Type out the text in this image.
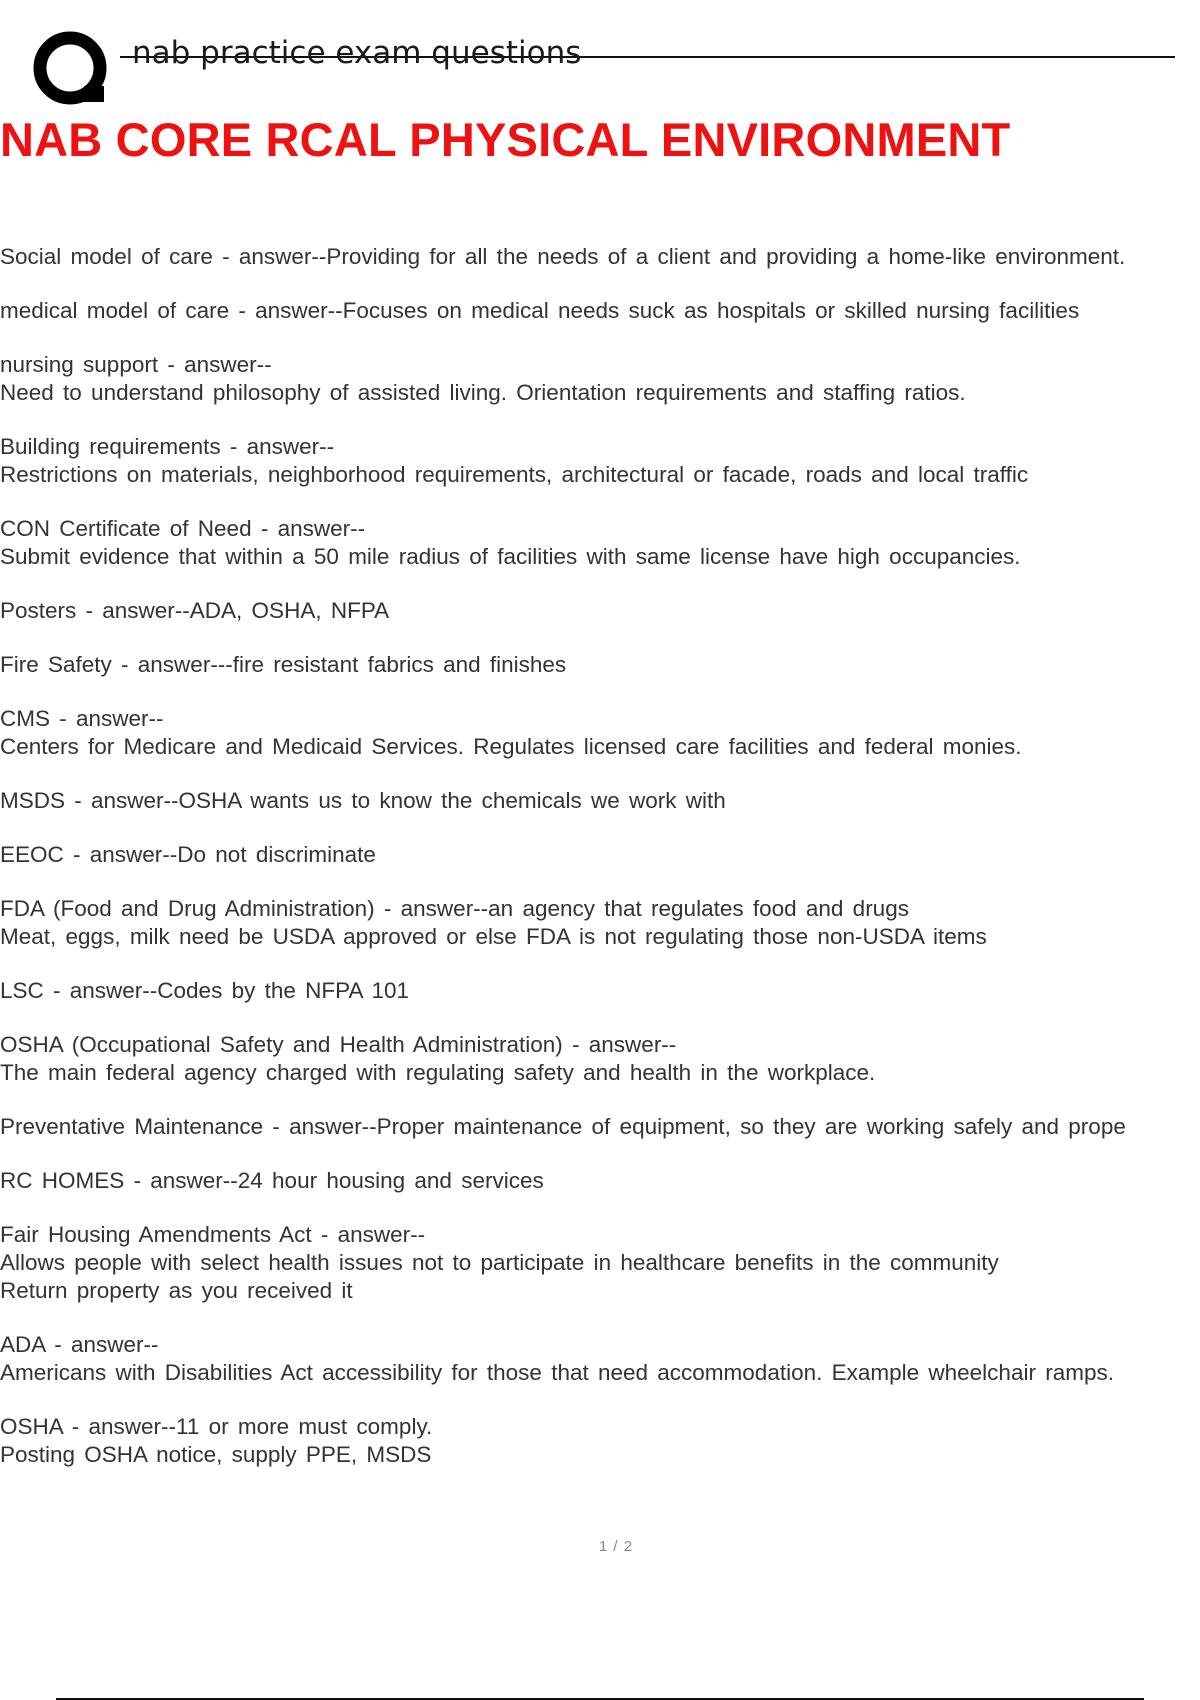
nab practice exam questions
NAB CORE RCAL PHYSICAL ENVIRONMENT
Social model of care - answer--Providing for all the needs of a client and providing a home-like environment.
medical model of care - answer--Focuses on medical needs suck as hospitals or skilled nursing facilities
nursing support - answer--
Need to understand philosophy of assisted living. Orientation requirements and staffing ratios.
Building requirements - answer--
Restrictions on materials, neighborhood requirements, architectural or facade, roads and local traffic
CON Certificate of Need - answer--
Submit evidence that within a 50 mile radius of facilities with same license have high occupancies.
Posters - answer--ADA, OSHA, NFPA
Fire Safety - answer---fire resistant fabrics and finishes
CMS - answer--
Centers for Medicare and Medicaid Services. Regulates licensed care facilities and federal monies.
MSDS - answer--OSHA wants us to know the chemicals we work with
EEOC - answer--Do not discriminate
FDA (Food and Drug Administration) - answer--an agency that regulates food and drugs
Meat, eggs, milk need be USDA approved or else FDA is not regulating those non-USDA items
LSC - answer--Codes by the NFPA 101
OSHA (Occupational Safety and Health Administration) - answer--
The main federal agency charged with regulating safety and health in the workplace.
Preventative Maintenance - answer--Proper maintenance of equipment, so they are working safely and prope
RC HOMES - answer--24 hour housing and services
Fair Housing Amendments Act - answer--
Allows people with select health issues not to participate in healthcare benefits in the community
Return property as you received it
ADA - answer--
Americans with Disabilities Act accessibility for those that need accommodation. Example wheelchair ramps.
OSHA - answer--11 or more must comply.
Posting OSHA notice, supply PPE, MSDS
1 / 2
